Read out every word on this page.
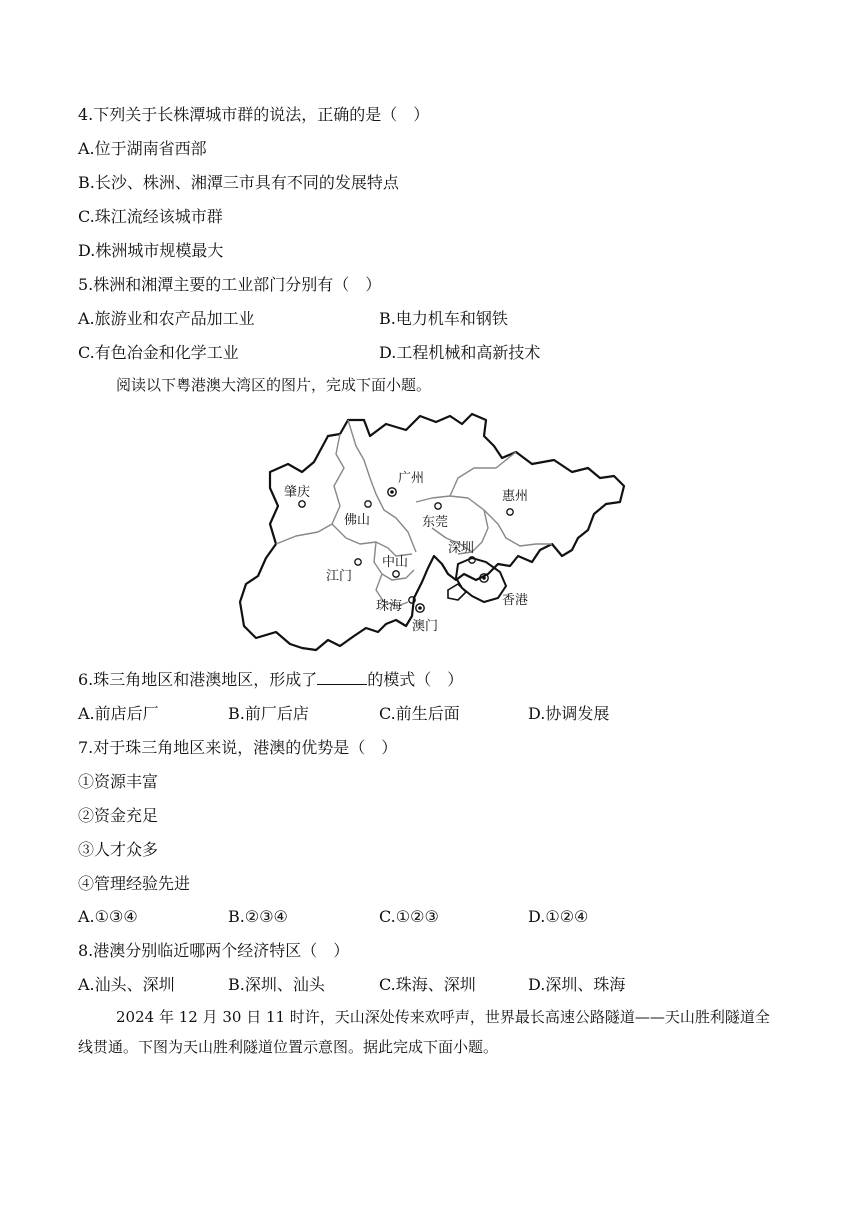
4.下列关于长株潭城市群的说法，正确的是（　）
A.位于湖南省西部
B.长沙、株洲、湘潭三市具有不同的发展特点
C.珠江流经该城市群
D.株洲城市规模最大
5.株洲和湘潭主要的工业部门分别有（　）
A.旅游业和农产品加工业	B.电力机车和钢铁
C.有色冶金和化学工业	D.工程机械和高新技术
阅读以下粤港澳大湾区的图片，完成下面小题。
肇庆
广州
佛山	东莞
惠州
深圳
江门
中山
珠海	香港
澳门
6.珠三角地区和港澳地区，形成了	的模式（　）
A.前店后厂	B.前厂后店	C.前生后面	D.协调发展
7.对于珠三角地区来说，港澳的优势是（　）
①资源丰富
②资金充足
③人才众多
④管理经验先进
A.①③④	B.②③④	C.①②③	D.①②④
8.港澳分别临近哪两个经济特区（　）
A.汕头、深圳	B.深圳、汕头	C.珠海、深圳	D.深圳、珠海
2024 年 12 月 30 日 11 时许，天山深处传来欢呼声，世界最长高速公路隧道——天山胜利隧道全线贯通。下图为天山胜利隧道位置示意图。据此完成下面小题。
